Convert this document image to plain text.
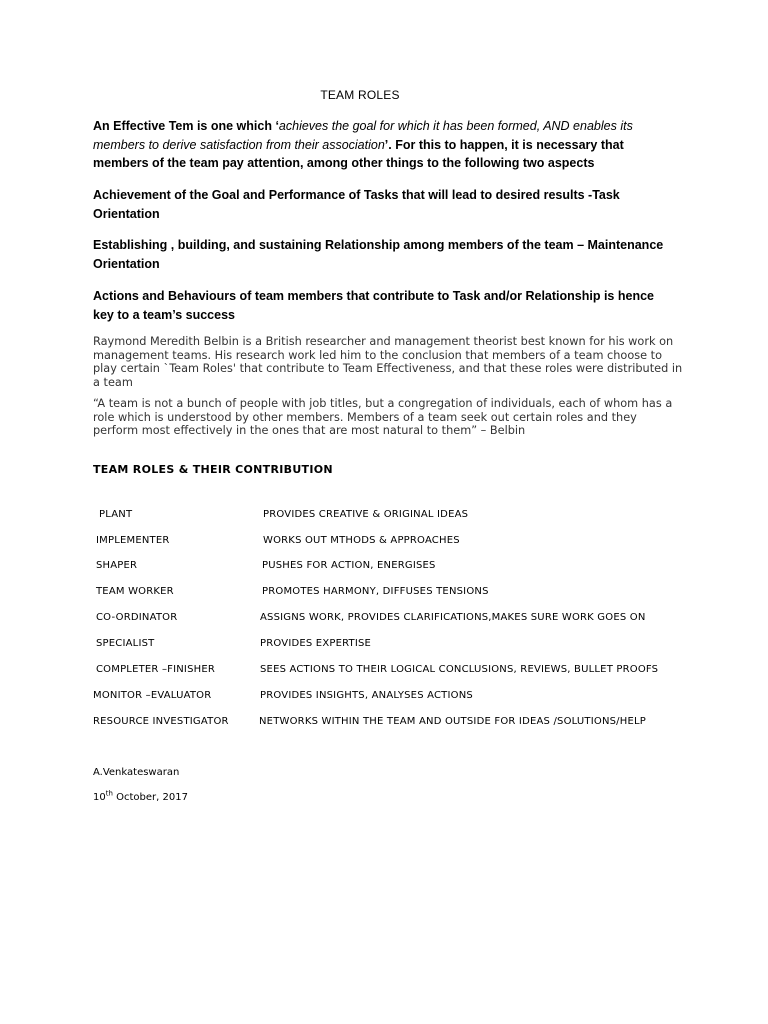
TEAM ROLES
An Effective Tem is one which ‘achieves the goal for which it has been formed, AND enables its members to derive satisfaction from their association’. For this to happen, it is necessary that members of the team pay attention, among other things to the following two aspects
Achievement of the Goal and Performance of Tasks that will lead to desired results -Task Orientation
Establishing , building, and sustaining Relationship among members of the team – Maintenance Orientation
Actions and Behaviours of team members that contribute to Task and/or Relationship is hence key to a team’s success
Raymond Meredith Belbin is a British researcher and management theorist best known for his work on management teams. His research work led him to the conclusion that members of a team choose to play certain `Team Roles' that contribute to Team Effectiveness, and that these roles were distributed in a team
“A team is not a bunch of people with job titles, but a congregation of individuals, each of whom has a role which is understood by other members. Members of a team seek out certain roles and they perform most effectively in the ones that are most natural to them” – Belbin
TEAM ROLES & THEIR CONTRIBUTION
PLANT	PROVIDES CREATIVE & ORIGINAL IDEAS
IMPLEMENTER	WORKS OUT MTHODS & APPROACHES
SHAPER	PUSHES FOR ACTION, ENERGISES
TEAM WORKER	PROMOTES HARMONY, DIFFUSES TENSIONS
CO-ORDINATOR	ASSIGNS WORK, PROVIDES CLARIFICATIONS,MAKES SURE WORK GOES ON
SPECIALIST	PROVIDES EXPERTISE
COMPLETER –FINISHER	SEES ACTIONS TO THEIR LOGICAL CONCLUSIONS, REVIEWS, BULLET PROOFS
MONITOR –EVALUATOR	PROVIDES INSIGHTS, ANALYSES ACTIONS
RESOURCE INVESTIGATOR	NETWORKS WITHIN THE TEAM AND OUTSIDE FOR IDEAS /SOLUTIONS/HELP
A.Venkateswaran
10th October, 2017
